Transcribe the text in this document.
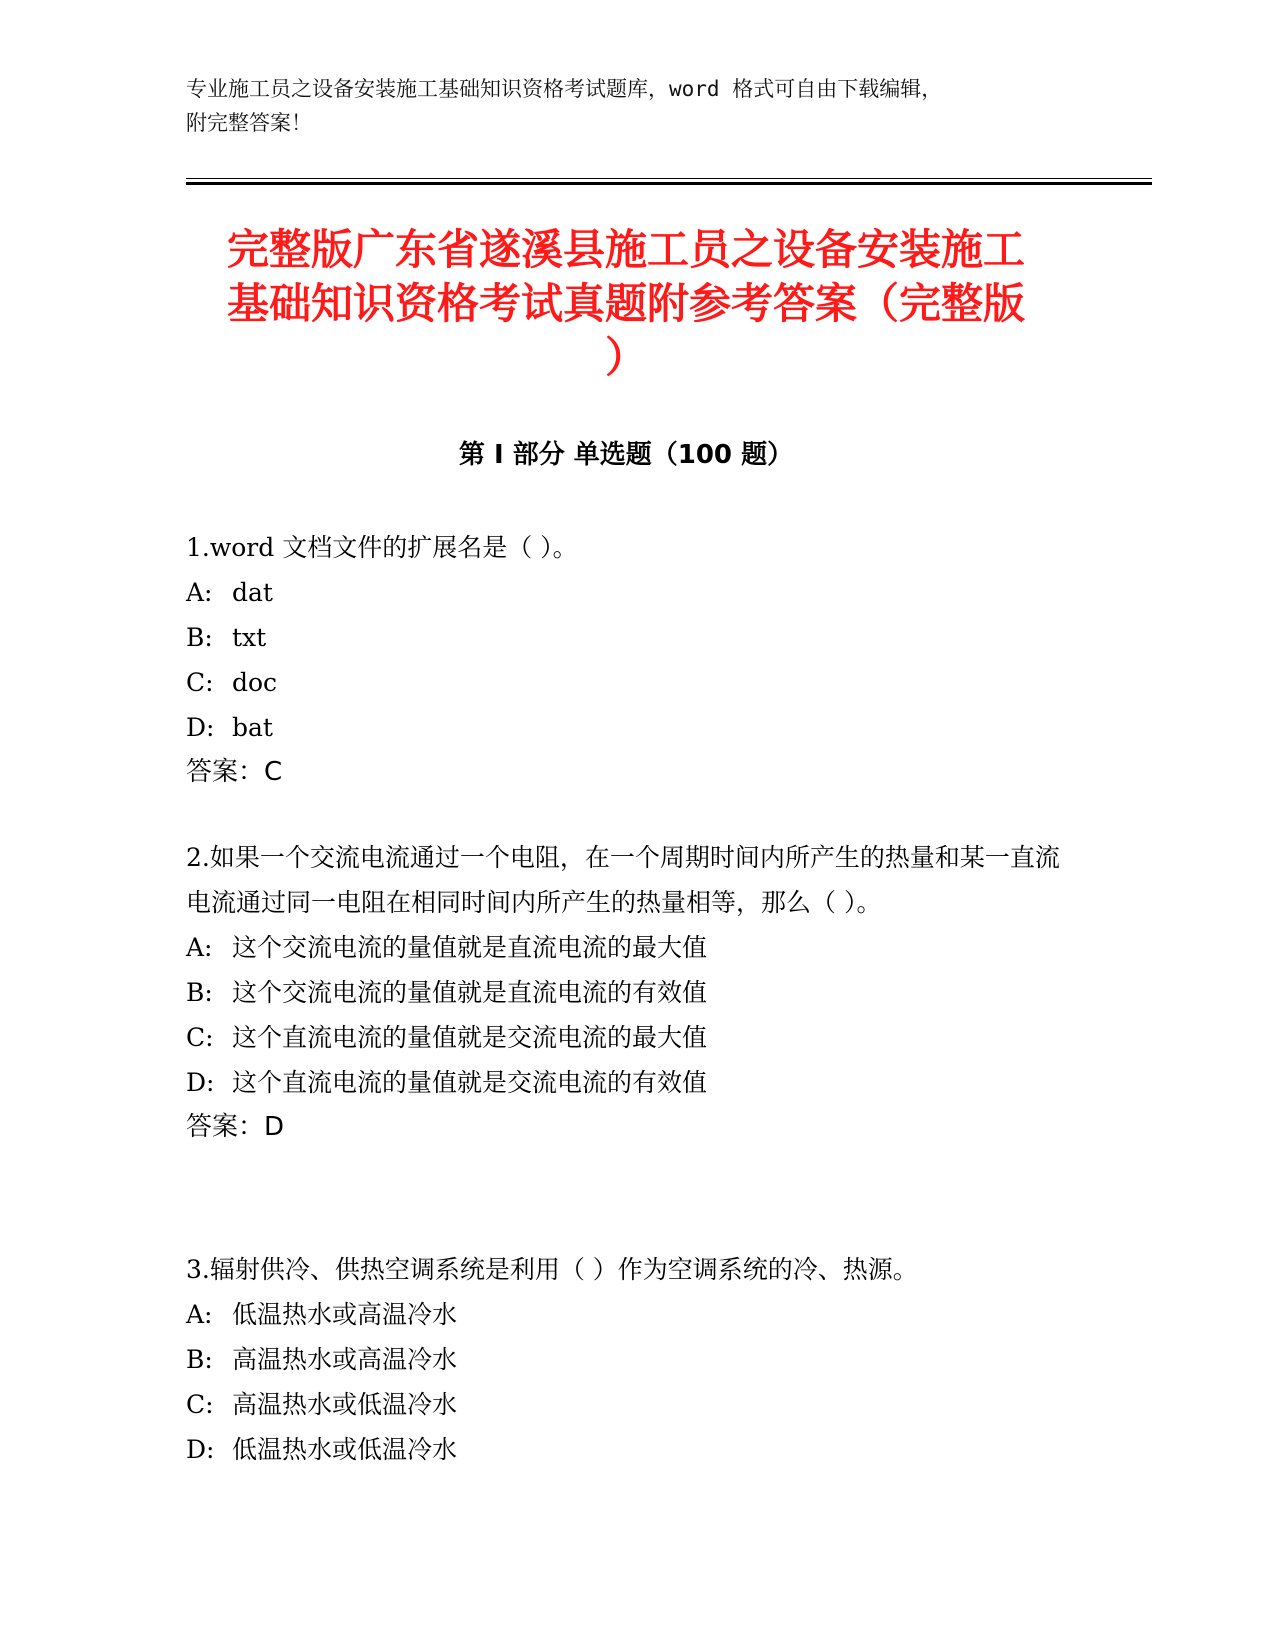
专业施工员之设备安装施工基础知识资格考试题库，word 格式可自由下载编辑，
附完整答案！
完整版广东省遂溪县施工员之设备安装施工
基础知识资格考试真题附参考答案（完整版
）
第 I 部分 单选题（100 题）
1.word 文档文件的扩展名是（ ）。
A: dat
B: txt
C: doc
D: bat
答案：C
2.如果一个交流电流通过一个电阻，在一个周期时间内所产生的热量和某一直流电流通过同一电阻在相同时间内所产生的热量相等，那么（ ）。
A: 这个交流电流的量值就是直流电流的最大值
B: 这个交流电流的量值就是直流电流的有效值
C: 这个直流电流的量值就是交流电流的最大值
D: 这个直流电流的量值就是交流电流的有效值
答案：D
3.辐射供冷、供热空调系统是利用（ ）作为空调系统的冷、热源。
A: 低温热水或高温冷水
B: 高温热水或高温冷水
C: 高温热水或低温冷水
D: 低温热水或低温冷水
